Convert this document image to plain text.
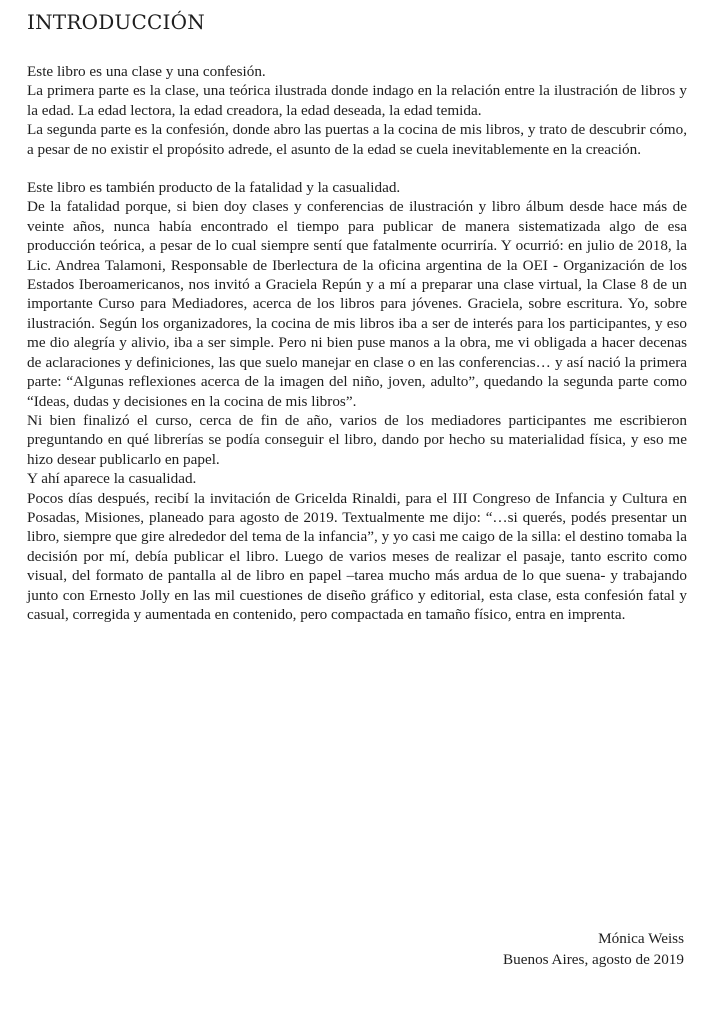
INTRODUCCIÓN

Este libro es una clase y una confesión.

La primera parte es la clase, una teórica ilustrada donde indago en la relación entre la ilustración de libros y la edad. La edad lectora, la edad creadora, la edad deseada, la edad temida.

La segunda parte es la confesión, donde abro las puertas a la cocina de mis libros, y trato de descubrir cómo, a pesar de no existir el propósito adrede, el asunto de la edad se cuela inevitablemente en la creación.

Este libro es también producto de la fatalidad y la casualidad.

De la fatalidad porque, si bien doy clases y conferencias de ilustración y libro álbum desde hace más de veinte años, nunca había encontrado el tiempo para publicar de manera sistematizada algo de esa producción teórica, a pesar de lo cual siempre sentí que fatalmente ocurriría. Y ocurrió: en julio de 2018, la Lic. Andrea Talamoni, Responsable de Iberlectura de la oficina argentina de la OEI - Organización de los Estados Iberoamericanos, nos invitó a Graciela Repún y a mí a preparar una clase virtual, la Clase 8 de un importante Curso para Mediadores, acerca de los libros para jóvenes. Graciela, sobre escritura. Yo, sobre ilustración. Según los organizadores, la cocina de mis libros iba a ser de interés para los participantes, y eso me dio alegría y alivio, iba a ser simple. Pero ni bien puse manos a la obra, me vi obligada a hacer decenas de aclaraciones y definiciones, las que suelo manejar en clase o en las conferencias… y así nació la primera parte: “Algunas reflexiones acerca de la imagen del niño, joven, adulto”, quedando la segunda parte como “Ideas, dudas y decisiones en la cocina de mis libros”.

Ni bien finalizó el curso, cerca de fin de año, varios de los mediadores participantes me escribieron preguntando en qué librerías se podía conseguir el libro, dando por hecho su materialidad física, y eso me hizo desear publicarlo en papel.

Y ahí aparece la casualidad.

Pocos días después, recibí la invitación de Gricelda Rinaldi, para el III Congreso de Infancia y Cultura en Posadas, Misiones, planeado para agosto de 2019. Textualmente me dijo: “…si querés, podés presentar un libro, siempre que gire alrededor del tema de la infancia”, y yo casi me caigo de la silla: el destino tomaba la decisión por mí, debía publicar el libro. Luego de varios meses de realizar el pasaje, tanto escrito como visual, del formato de pantalla al de libro en papel –tarea mucho más ardua de lo que suena- y trabajando junto con Ernesto Jolly en las mil cuestiones de diseño gráfico y editorial, esta clase, esta confesión fatal y casual, corregida y aumentada en contenido, pero compactada en tamaño físico, entra en imprenta.

Mónica Weiss
Buenos Aires, agosto de 2019
